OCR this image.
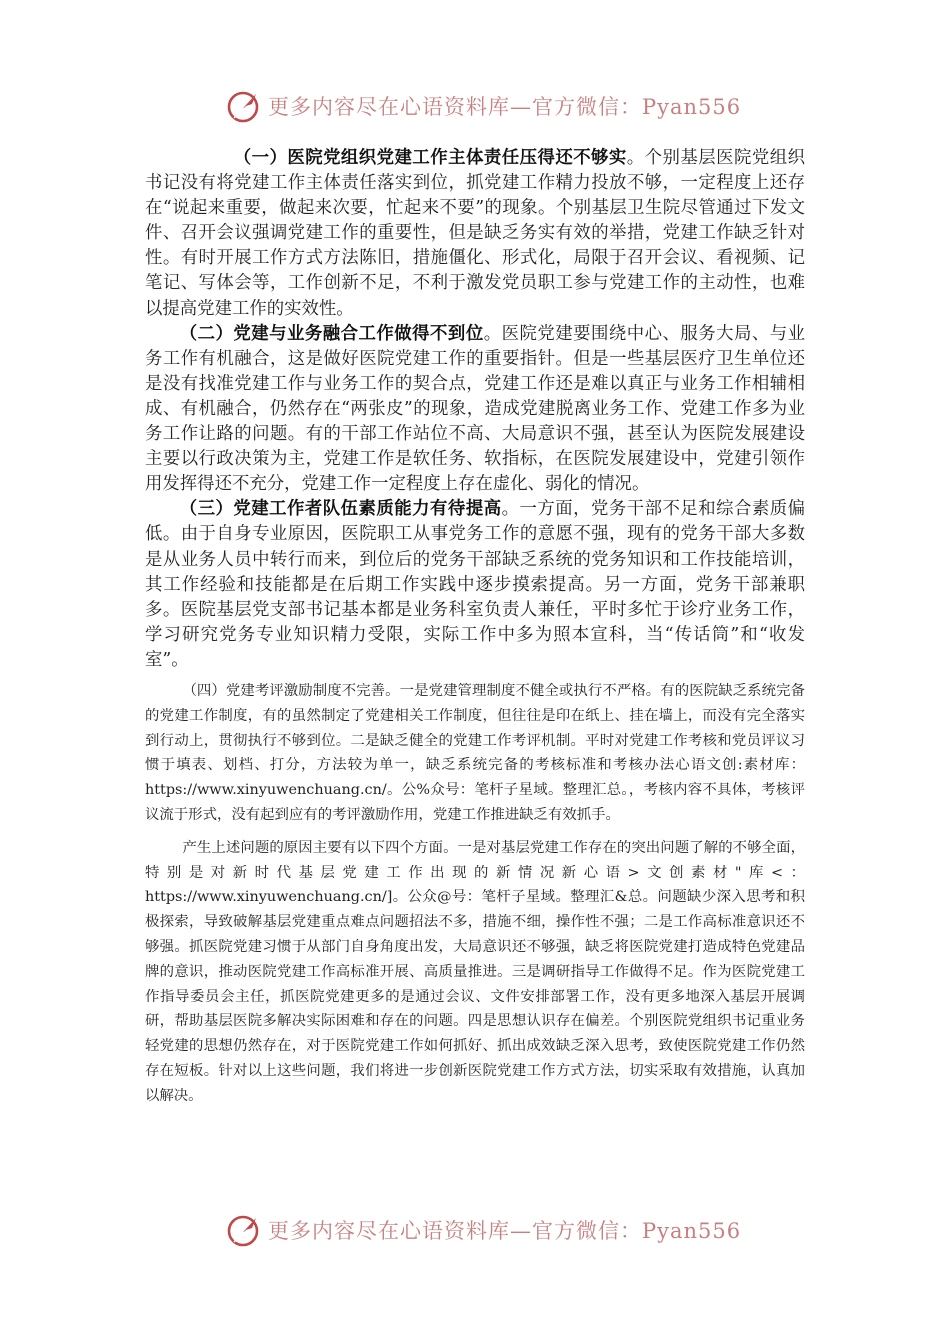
更多内容尽在心语资料库—官方微信：Pyan556

（一）医院党组织党建工作主体责任压得还不够实。个别基层医院党组织书记没有将党建工作主体责任落实到位，抓党建工作精力投放不够，一定程度上还存在“说起来重要，做起来次要，忙起来不要”的现象。个别基层卫生院尽管通过下发文件、召开会议强调党建工作的重要性，但是缺乏务实有效的举措，党建工作缺乏针对性。有时开展工作方式方法陈旧，措施僵化、形式化，局限于召开会议、看视频、记笔记、写体会等，工作创新不足，不利于激发党员职工参与党建工作的主动性，也难以提高党建工作的实效性。

（二）党建与业务融合工作做得不到位。医院党建要围绕中心、服务大局、与业务工作有机融合，这是做好医院党建工作的重要指针。但是一些基层医疗卫生单位还是没有找准党建工作与业务工作的契合点，党建工作还是难以真正与业务工作相辅相成、有机融合，仍然存在“两张皮”的现象，造成党建脱离业务工作、党建工作多为业务工作让路的问题。有的干部工作站位不高、大局意识不强，甚至认为医院发展建设主要以行政决策为主，党建工作是软任务、软指标，在医院发展建设中，党建引领作用发挥得还不充分，党建工作一定程度上存在虚化、弱化的情况。

（三）党建工作者队伍素质能力有待提高。一方面，党务干部不足和综合素质偏低。由于自身专业原因，医院职工从事党务工作的意愿不强，现有的党务干部大多数是从业务人员中转行而来，到位后的党务干部缺乏系统的党务知识和工作技能培训，其工作经验和技能都是在后期工作实践中逐步摸索提高。另一方面，党务干部兼职多。医院基层党支部书记基本都是业务科室负责人兼任，平时多忙于诊疗业务工作，学习研究党务专业知识精力受限，实际工作中多为照本宣科，当“传话筒”和“收发室”。

（四）党建考评激励制度不完善。一是党建管理制度不健全或执行不严格。有的医院缺乏系统完备的党建工作制度，有的虽然制定了党建相关工作制度，但往往是印在纸上、挂在墙上，而没有完全落实到行动上，贯彻执行不够到位。二是缺乏健全的党建工作考评机制。平时对党建工作考核和党员评议习惯于填表、划档、打分，方法较为单一，缺乏系统完备的考核标准和考核办法心语文创:素材库：https://www.xinyuwenchuang.cn/。公%众号：笔杆子星域。整理汇总。，考核内容不具体，考核评议流于形式，没有起到应有的考评激励作用，党建工作推进缺乏有效抓手。

产生上述问题的原因主要有以下四个方面。一是对基层党建工作存在的突出问题了解的不够全面，特别是对新时代基层党建工作出现的新情况新心语>文创素材"库<：https://www.xinyuwenchuang.cn/]。公众@号：笔杆子星域。整理汇&总。问题缺少深入思考和积极探索，导致破解基层党建重点难点问题招法不多，措施不细，操作性不强；二是工作高标准意识还不够强。抓医院党建习惯于从部门自身角度出发，大局意识还不够强，缺乏将医院党建打造成特色党建品牌的意识，推动医院党建工作高标准开展、高质量推进。三是调研指导工作做得不足。作为医院党建工作指导委员会主任，抓医院党建更多的是通过会议、文件安排部署工作，没有更多地深入基层开展调研，帮助基层医院多解决实际困难和存在的问题。四是思想认识存在偏差。个别医院党组织书记重业务轻党建的思想仍然存在，对于医院党建工作如何抓好、抓出成效缺乏深入思考，致使医院党建工作仍然存在短板。针对以上这些问题，我们将进一步创新医院党建工作方式方法，切实采取有效措施，认真加以解决。

更多内容尽在心语资料库—官方微信：Pyan556
